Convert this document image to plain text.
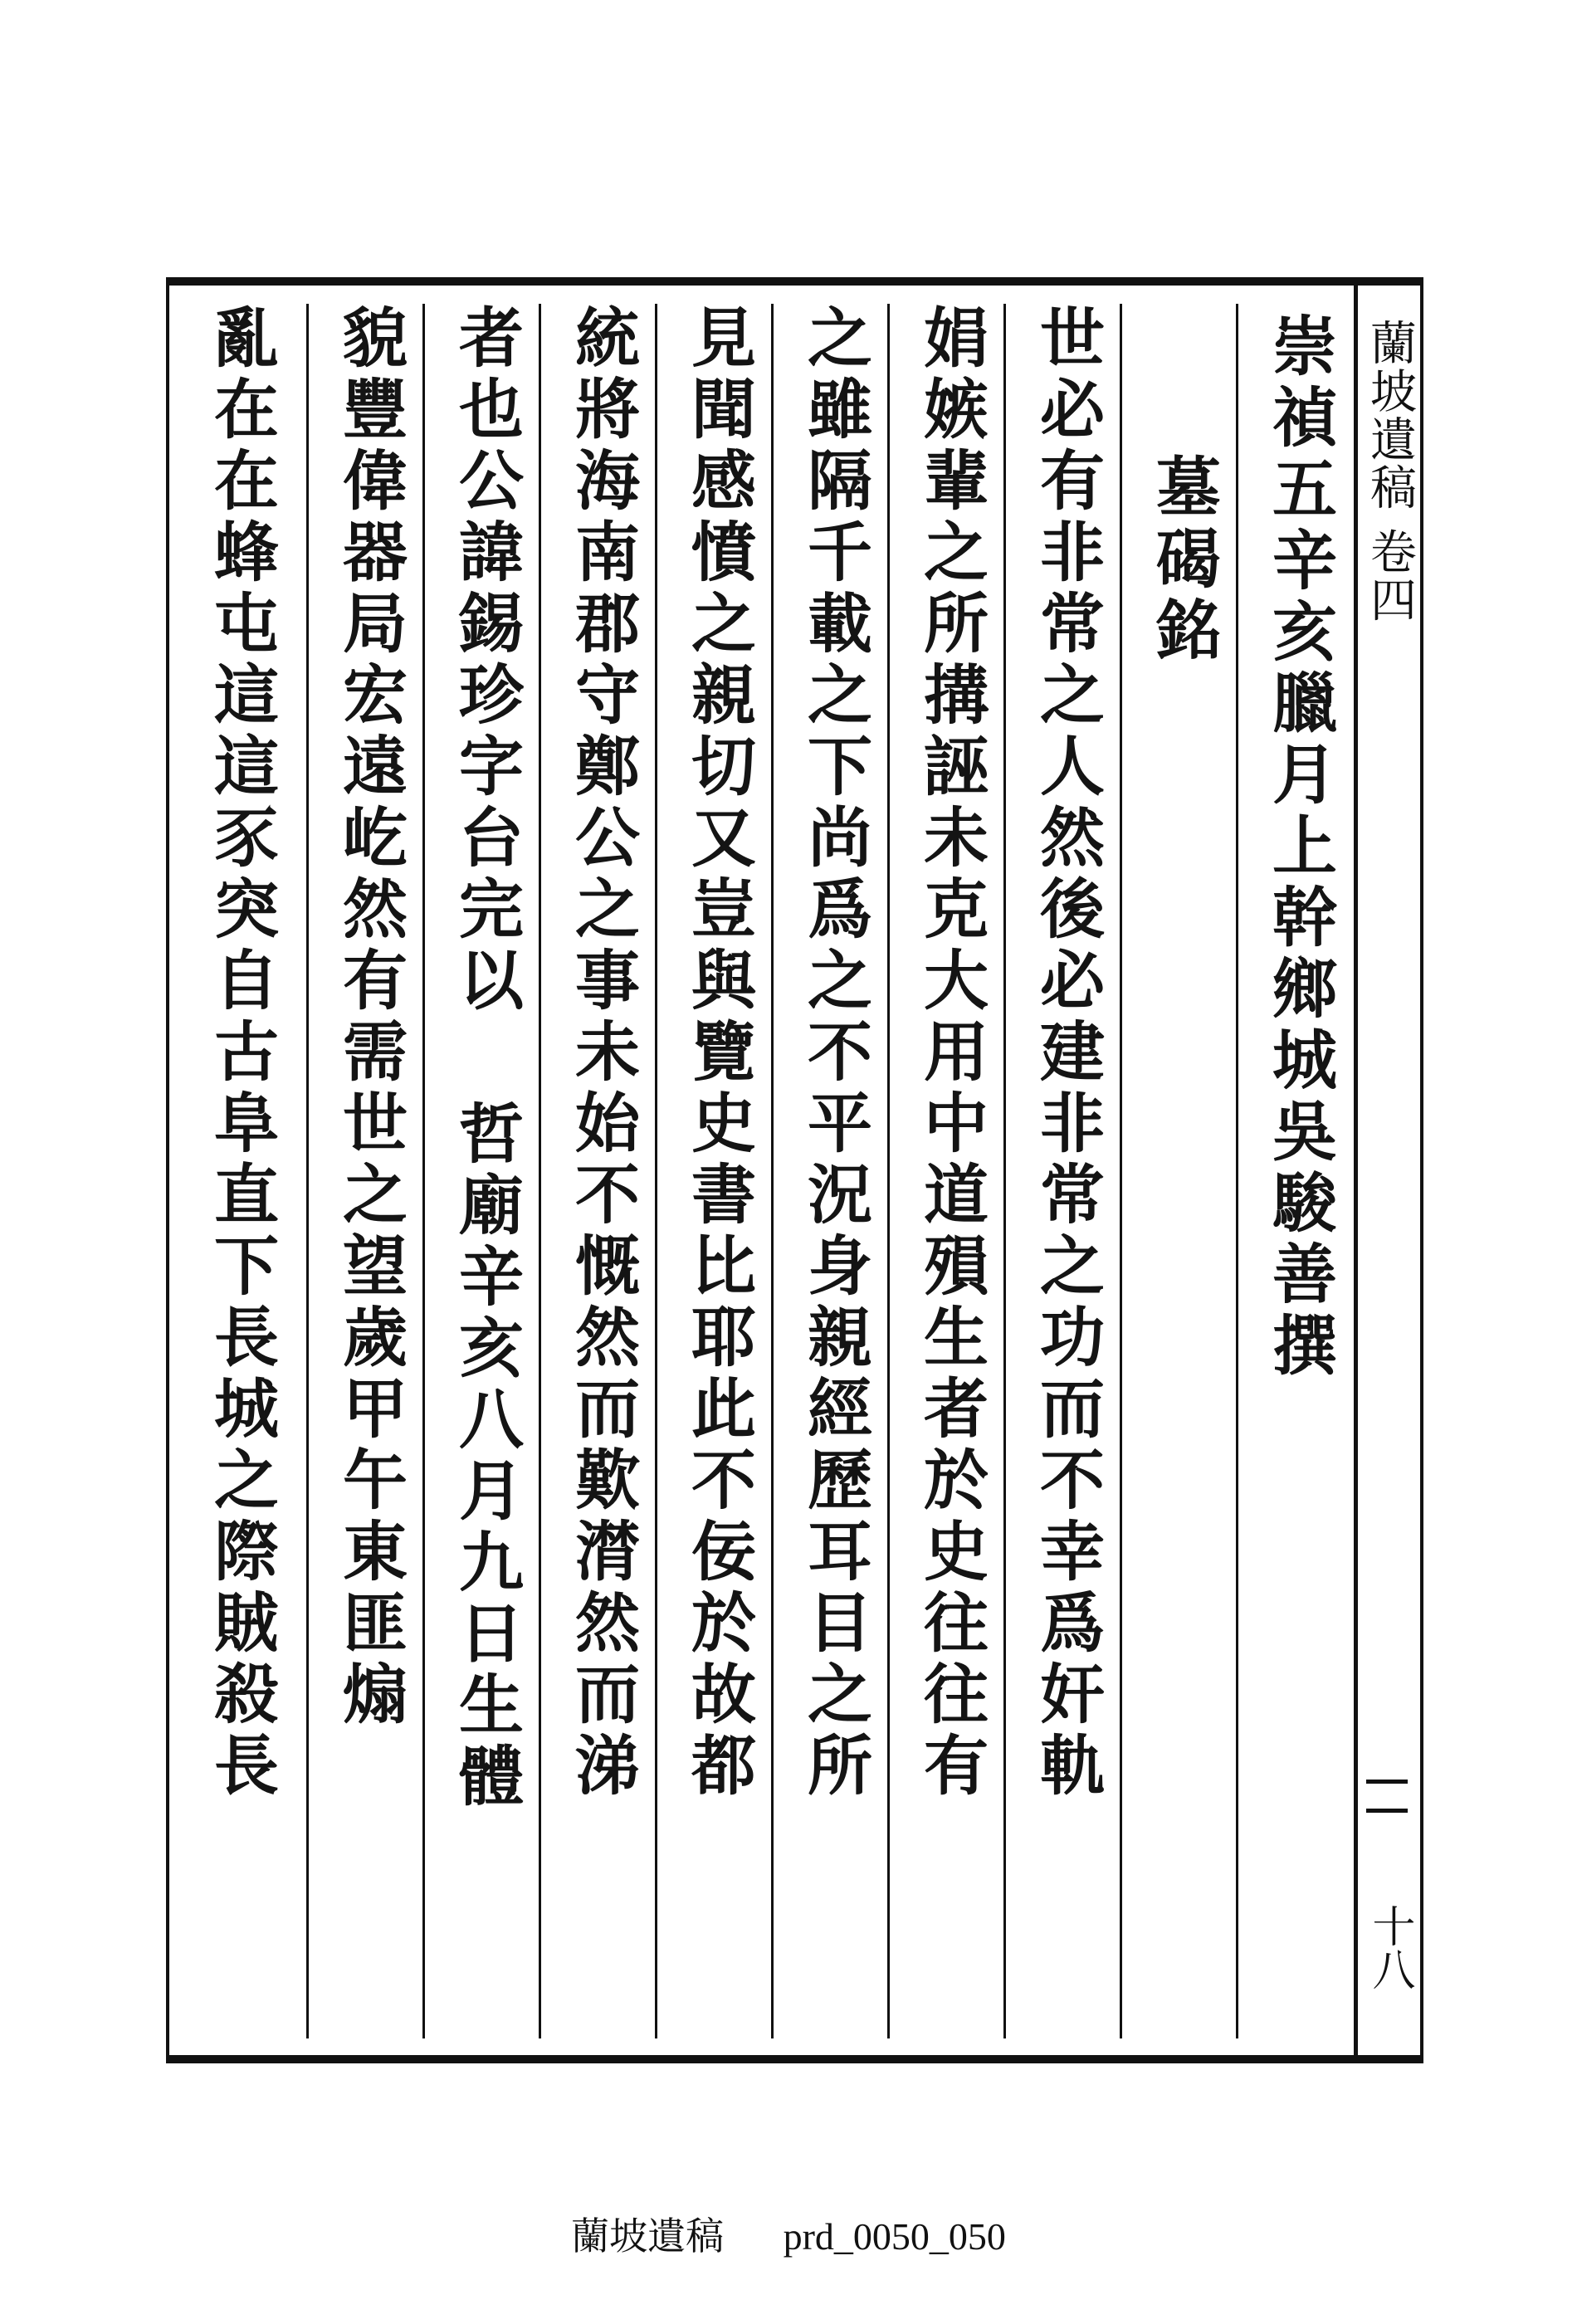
蘭坡遺稿 卷四
十八
崇禎五辛亥臘月上幹鄉城吳駿善撰
墓碣銘
世必有非常之人然後必建非常之功而不幸爲奸軌
娟嫉輩之所搆誣未克大用中道殞生者於史往往有
之雖隔千載之下尚爲之不平況身親經歷耳目之所
見聞感憤之親切又豈與覽史書比耶此不佞於故都
統將海南郡守鄭公之事未始不慨然而歎潸然而涕
者也公諱錫珍字台完以 哲廟辛亥八月九日生體
貌豐偉器局宏遠屹然有需世之望歲甲午東匪煽
亂在在蜂屯這這豕突自古阜直下長城之際賊殺長
蘭坡遺稿 prd_0050_050
